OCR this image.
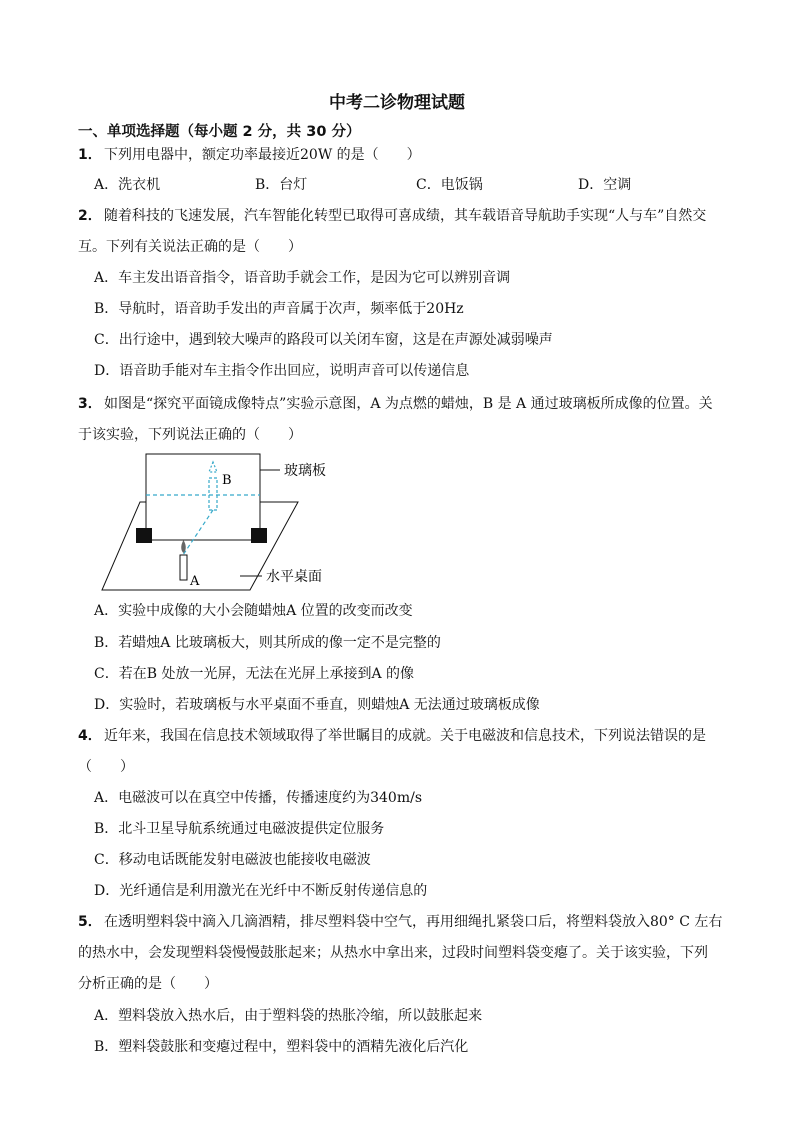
中考二诊物理试题
一、单项选择题（每小题 2 分，共 30 分）
1． 下列用电器中，额定功率最接近20W 的是（　　）
A．洗衣机	B．台灯	C．电饭锅	D．空调
2． 随着科技的飞速发展，汽车智能化转型已取得可喜成绩，其车载语音导航助手实现“人与车”自然交
互。下列有关说法正确的是（　　）
A．车主发出语音指令，语音助手就会工作，是因为它可以辨别音调
B．导航时，语音助手发出的声音属于次声，频率低于20Hz
C．出行途中，遇到较大噪声的路段可以关闭车窗，这是在声源处减弱噪声
D．语音助手能对车主指令作出回应，说明声音可以传递信息
3． 如图是“探究平面镜成像特点”实验示意图，A 为点燃的蜡烛，B 是 A 通过玻璃板所成像的位置。关
于该实验，下列说法正确的（　　）
B
A
玻璃板
水平桌面
A．实验中成像的大小会随蜡烛A 位置的改变而改变
B．若蜡烛A 比玻璃板大，则其所成的像一定不是完整的
C．若在B 处放一光屏，无法在光屏上承接到A 的像
D．实验时，若玻璃板与水平桌面不垂直，则蜡烛A 无法通过玻璃板成像
4． 近年来，我国在信息技术领域取得了举世瞩目的成就。关于电磁波和信息技术，下列说法错误的是
（　　）
A．电磁波可以在真空中传播，传播速度约为340m/s
B．北斗卫星导航系统通过电磁波提供定位服务
C．移动电话既能发射电磁波也能接收电磁波
D．光纤通信是利用激光在光纤中不断反射传递信息的
5． 在透明塑料袋中滴入几滴酒精，排尽塑料袋中空气，再用细绳扎紧袋口后，将塑料袋放入80° C 左右
的热水中，会发现塑料袋慢慢鼓胀起来；从热水中拿出来，过段时间塑料袋变瘪了。关于该实验，下列
分析正确的是（　　）
A．塑料袋放入热水后，由于塑料袋的热胀冷缩，所以鼓胀起来
B．塑料袋鼓胀和变瘪过程中，塑料袋中的酒精先液化后汽化
